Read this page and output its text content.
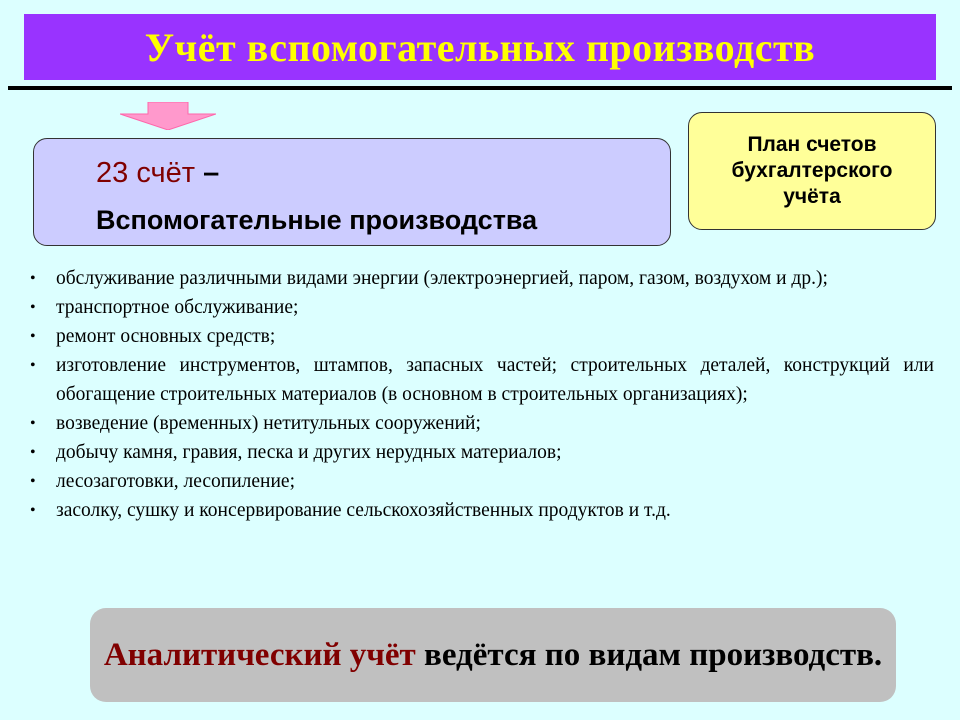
Учёт вспомогательных производств
23 счёт –
Вспомогательные производства
План счетов
бухгалтерского
учёта
• обслуживание различными видами энергии (электроэнергией, паром, газом, воздухом и др.);
• транспортное обслуживание;
• ремонт основных средств;
• изготовление инструментов, штампов, запасных частей; строительных деталей, конструкций или обогащение строительных материалов (в основном в строительных организациях);
• возведение (временных) нетитульных сооружений;
• добычу камня, гравия, песка и других нерудных материалов;
• лесозаготовки, лесопиление;
• засолку, сушку и консервирование сельскохозяйственных продуктов и т.д.
Аналитический учёт ведётся по видам производств.
